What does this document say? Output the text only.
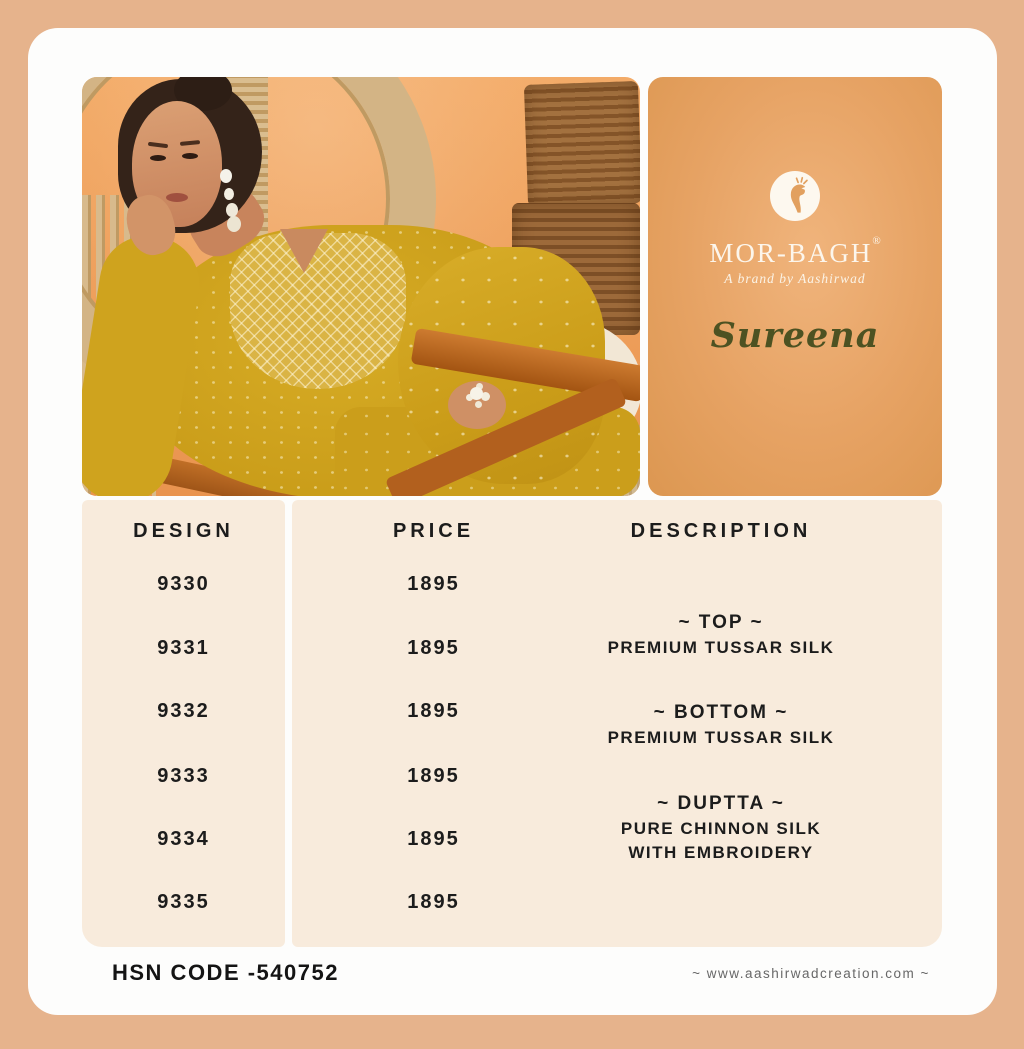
MOR-BAGH®
A brand by Aashirwad
Sureena
DESIGN
9330
9331
9332
9333
9334
9335
PRICE
1895
1895
1895
1895
1895
1895
DESCRIPTION
~ TOP ~
PREMIUM TUSSAR SILK
~ BOTTOM ~
PREMIUM TUSSAR SILK
~ DUPTTA ~
PURE CHINNON SILK
WITH EMBROIDERY
HSN CODE -540752	~ www.aashirwadcreation.com ~
